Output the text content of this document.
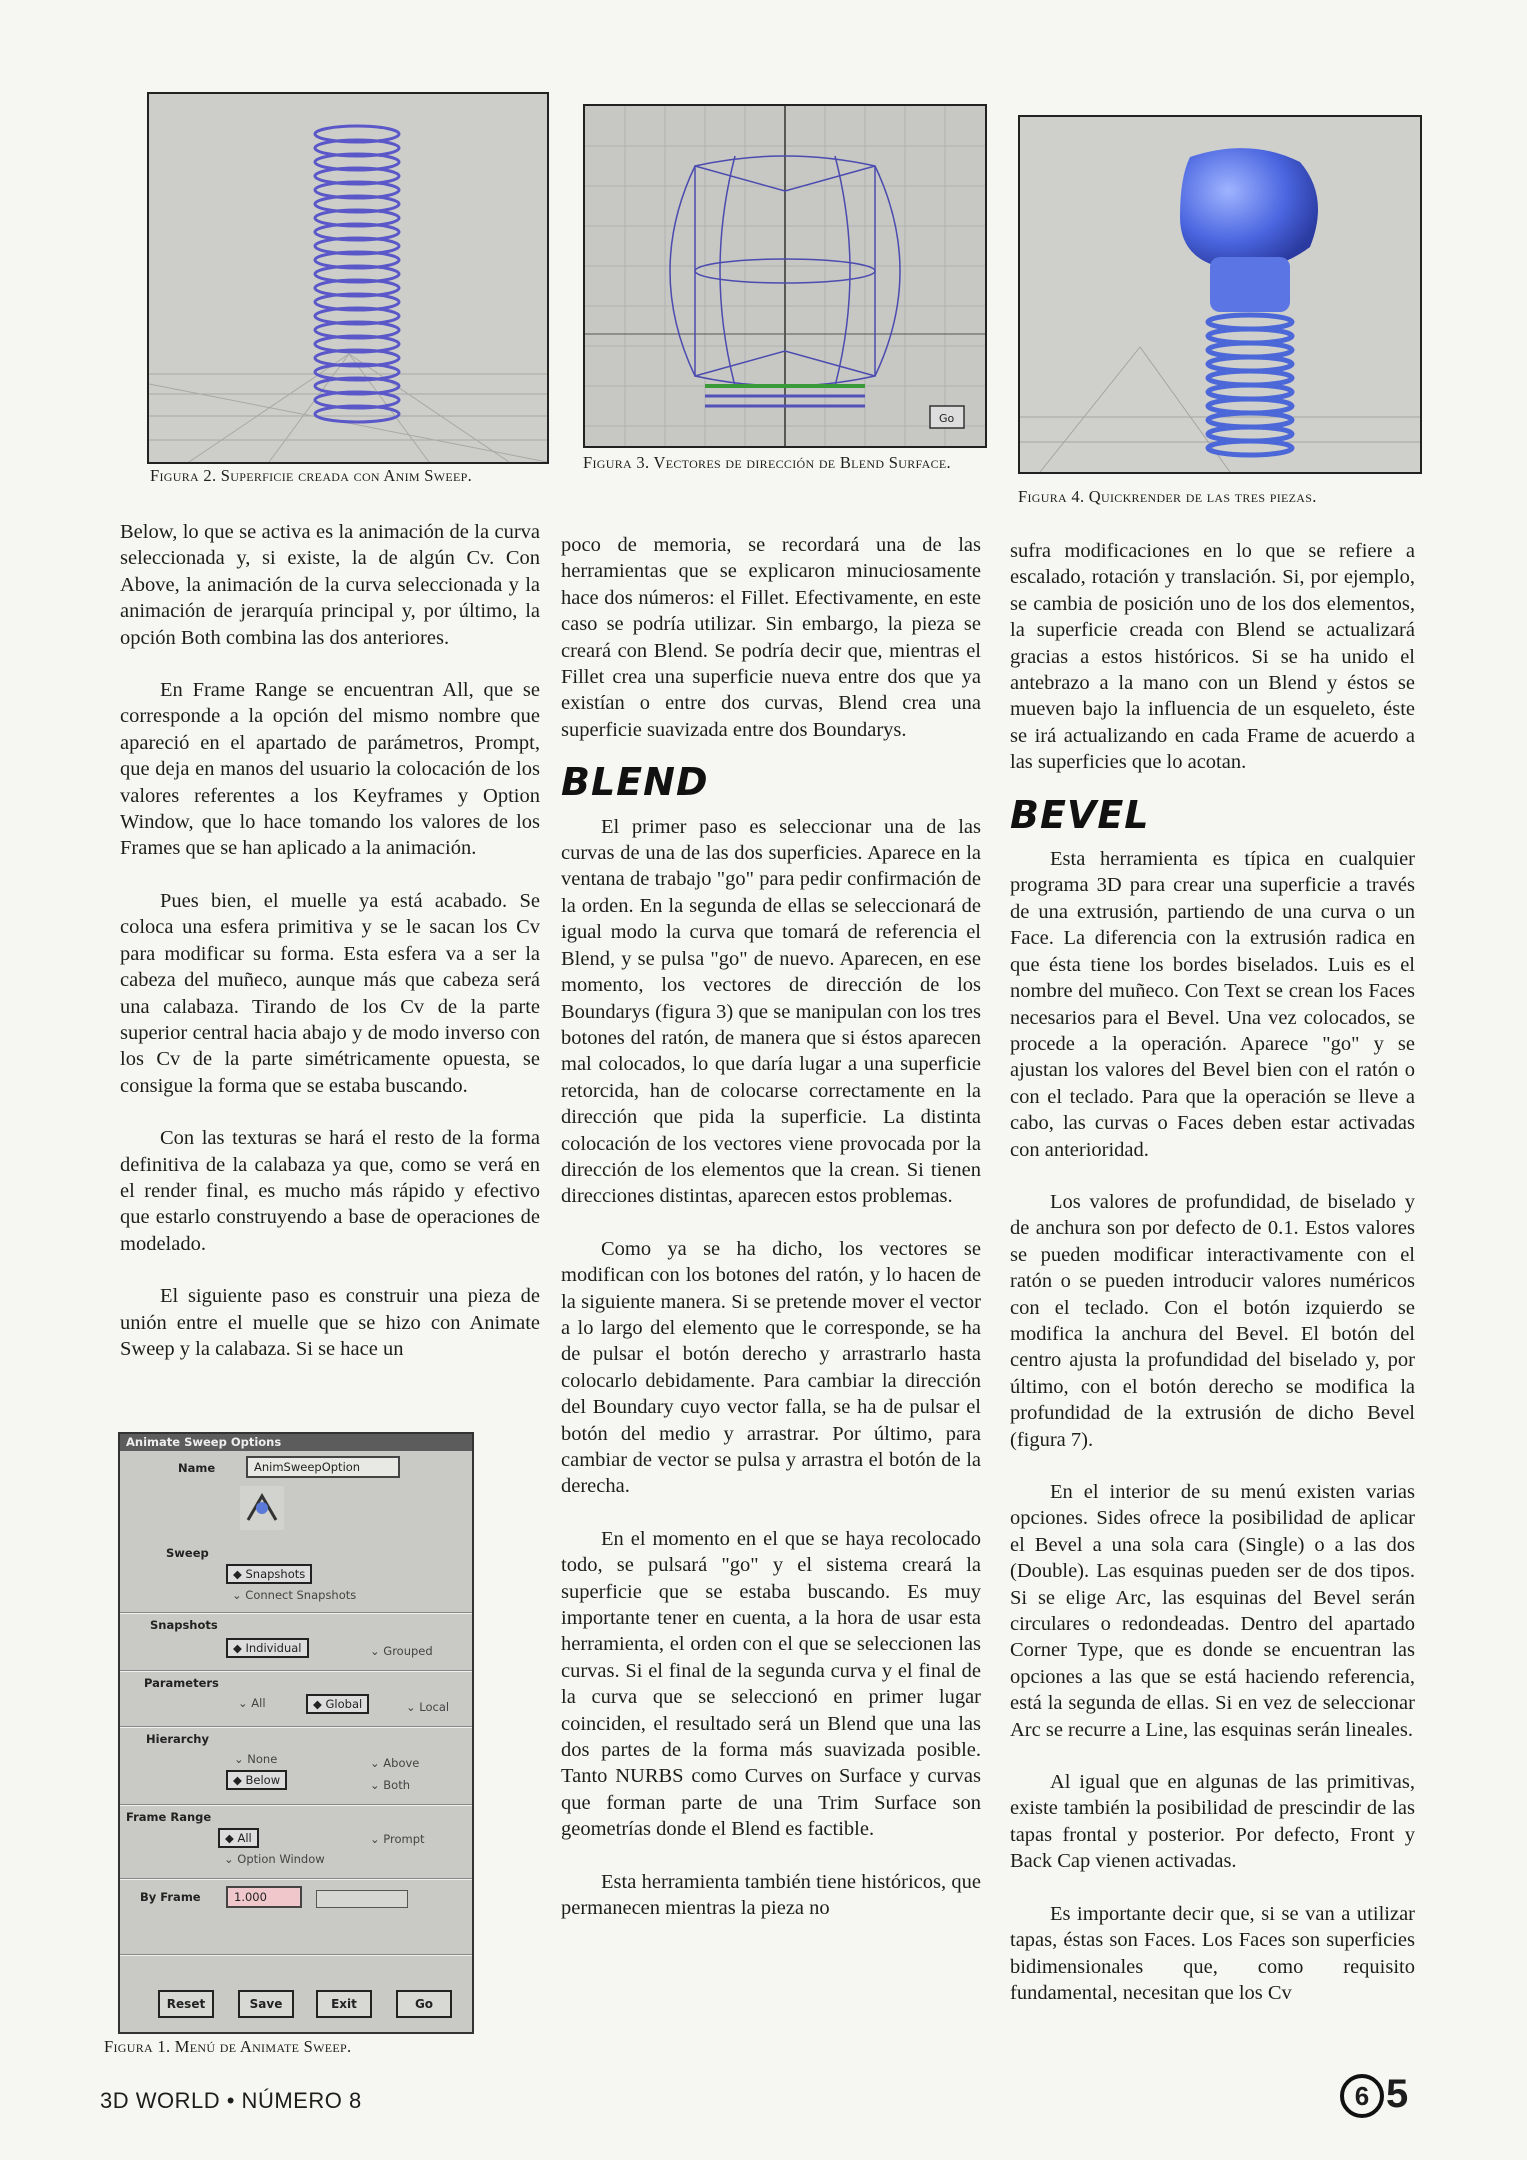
Figura 2. Superficie creada con Anim Sweep.
Go
Figura 3. Vectores de dirección de Blend Surface.
Figura 4. Quickrender de las tres piezas.

Below, lo que se activa es la animación de la curva seleccionada y, si existe, la de algún Cv. Con Above, la animación de la curva seleccionada y la animación de jerarquía principal y, por último, la opción Both combina las dos anteriores.

En Frame Range se encuentran All, que se corresponde a la opción del mismo nombre que apareció en el apartado de parámetros, Prompt, que deja en manos del usuario la colocación de los valores referentes a los Keyframes y Option Window, que lo hace tomando los valores de los Frames que se han aplicado a la animación.

Pues bien, el muelle ya está acabado. Se coloca una esfera primitiva y se le sacan los Cv para modificar su forma. Esta esfera va a ser la cabeza del muñeco, aunque más que cabeza será una calabaza. Tirando de los Cv de la parte superior central hacia abajo y de modo inverso con los Cv de la parte simétricamente opuesta, se consigue la forma que se estaba buscando.

Con las texturas se hará el resto de la forma definitiva de la calabaza ya que, como se verá en el render final, es mucho más rápido y efectivo que estarlo construyendo a base de operaciones de modelado.

El siguiente paso es construir una pieza de unión entre el muelle que se hizo con Animate Sweep y la calabaza. Si se hace un

Animate Sweep Options
Name	AnimSweepOption
Sweep
◆ Snapshots
⌄ Connect Snapshots
Snapshots
◆ Individual	⌄ Grouped
Parameters
⌄ All	◆ Global	⌄ Local
Hierarchy
⌄ None	⌄ Above
◆ Below	⌄ Both
Frame Range
◆ All	⌄ Prompt
⌄ Option Window
By Frame	1.000
Reset	Save	Exit	Go
Figura 1. Menú de Animate Sweep.

poco de memoria, se recordará una de las herramientas que se explicaron minuciosamente hace dos números: el Fillet. Efectivamente, en este caso se podría utilizar. Sin embargo, la pieza se creará con Blend. Se podría decir que, mientras el Fillet crea una superficie nueva entre dos que ya existían o entre dos curvas, Blend crea una superficie suavizada entre dos Boundarys.

BLEND

El primer paso es seleccionar una de las curvas de una de las dos superficies. Aparece en la ventana de trabajo "go" para pedir confirmación de la orden. En la segunda de ellas se seleccionará de igual modo la curva que tomará de referencia el Blend, y se pulsa "go" de nuevo. Aparecen, en ese momento, los vectores de dirección de los Boundarys (figura 3) que se manipulan con los tres botones del ratón, de manera que si éstos aparecen mal colocados, lo que daría lugar a una superficie retorcida, han de colocarse correctamente en la dirección que pida la superficie. La distinta colocación de los vectores viene provocada por la dirección de los elementos que la crean. Si tienen direcciones distintas, aparecen estos problemas.

Como ya se ha dicho, los vectores se modifican con los botones del ratón, y lo hacen de la siguiente manera. Si se pretende mover el vector a lo largo del elemento que le corresponde, se ha de pulsar el botón derecho y arrastrarlo hasta colocarlo debidamente. Para cambiar la dirección del Boundary cuyo vector falla, se ha de pulsar el botón del medio y arrastrar. Por último, para cambiar de vector se pulsa y arrastra el botón de la derecha.

En el momento en el que se haya recolocado todo, se pulsará "go" y el sistema creará la superficie que se estaba buscando. Es muy importante tener en cuenta, a la hora de usar esta herramienta, el orden con el que se seleccionen las curvas. Si el final de la segunda curva y el final de la curva que se seleccionó en primer lugar coinciden, el resultado será un Blend que una las dos partes de la forma más suavizada posible. Tanto NURBS como Curves on Surface y curvas que forman parte de una Trim Surface son geometrías donde el Blend es factible.

Esta herramienta también tiene históricos, que permanecen mientras la pieza no

sufra modificaciones en lo que se refiere a escalado, rotación y translación. Si, por ejemplo, se cambia de posición uno de los dos elementos, la superficie creada con Blend se actualizará gracias a estos históricos. Si se ha unido el antebrazo a la mano con un Blend y éstos se mueven bajo la influencia de un esqueleto, éste se irá actualizando en cada Frame de acuerdo a las superficies que lo acotan.

BEVEL

Esta herramienta es típica en cualquier programa 3D para crear una superficie a través de una extrusión, partiendo de una curva o un Face. La diferencia con la extrusión radica en que ésta tiene los bordes biselados. Luis es el nombre del muñeco. Con Text se crean los Faces necesarios para el Bevel. Una vez colocados, se procede a la operación. Aparece "go" y se ajustan los valores del Bevel bien con el ratón o con el teclado. Para que la operación se lleve a cabo, las curvas o Faces deben estar activadas con anterioridad.

Los valores de profundidad, de biselado y de anchura son por defecto de 0.1. Estos valores se pueden modificar interactivamente con el ratón o se pueden introducir valores numéricos con el teclado. Con el botón izquierdo se modifica la anchura del Bevel. El botón del centro ajusta la profundidad del biselado y, por último, con el botón derecho se modifica la profundidad de la extrusión de dicho Bevel (figura 7).

En el interior de su menú existen varias opciones. Sides ofrece la posibilidad de aplicar el Bevel a una sola cara (Single) o a las dos (Double). Las esquinas pueden ser de dos tipos. Si se elige Arc, las esquinas del Bevel serán circulares o redondeadas. Dentro del apartado Corner Type, que es donde se encuentran las opciones a las que se está haciendo referencia, está la segunda de ellas. Si en vez de seleccionar Arc se recurre a Line, las esquinas serán lineales.

Al igual que en algunas de las primitivas, existe también la posibilidad de prescindir de las tapas frontal y posterior. Por defecto, Front y Back Cap vienen activadas.

Es importante decir que, si se van a utilizar tapas, éstas son Faces. Los Faces son superficies bidimensionales que, como requisito fundamental, necesitan que los Cv

3D WORLD • NÚMERO 8	6 5
